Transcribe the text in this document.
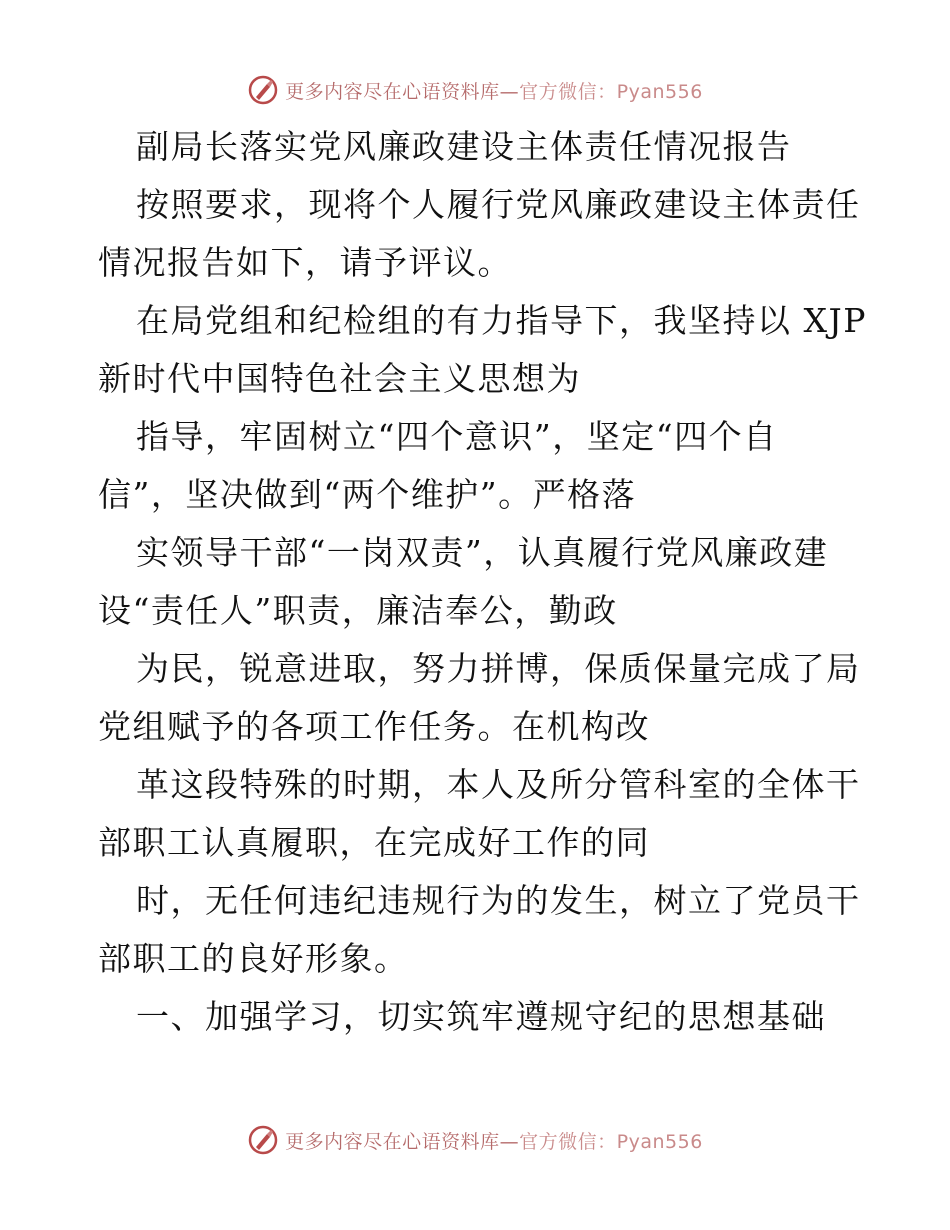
更多内容尽在心语资料库— 官方微信：Pyan556
副局长落实党风廉政建设主体责任情况报告
按照要求，现将个人履行党风廉政建设主体责任
情况报告如下，请予评议。
在局党组和纪检组的有力指导下，我坚持以 XJP
新时代中国特色社会主义思想为
指导，牢固树立“四个意识”，坚定“四个自
信”，坚决做到“两个维护”。严格落
实领导干部“一岗双责”，认真履行党风廉政建
设“责任人”职责，廉洁奉公，勤政
为民，锐意进取，努力拼博，保质保量完成了局
党组赋予的各项工作任务。在机构改
革这段特殊的时期，本人及所分管科室的全体干
部职工认真履职，在完成好工作的同
时，无任何违纪违规行为的发生，树立了党员干
部职工的良好形象。
一、加强学习，切实筑牢遵规守纪的思想基础
更多内容尽在心语资料库— 官方微信：Pyan556
